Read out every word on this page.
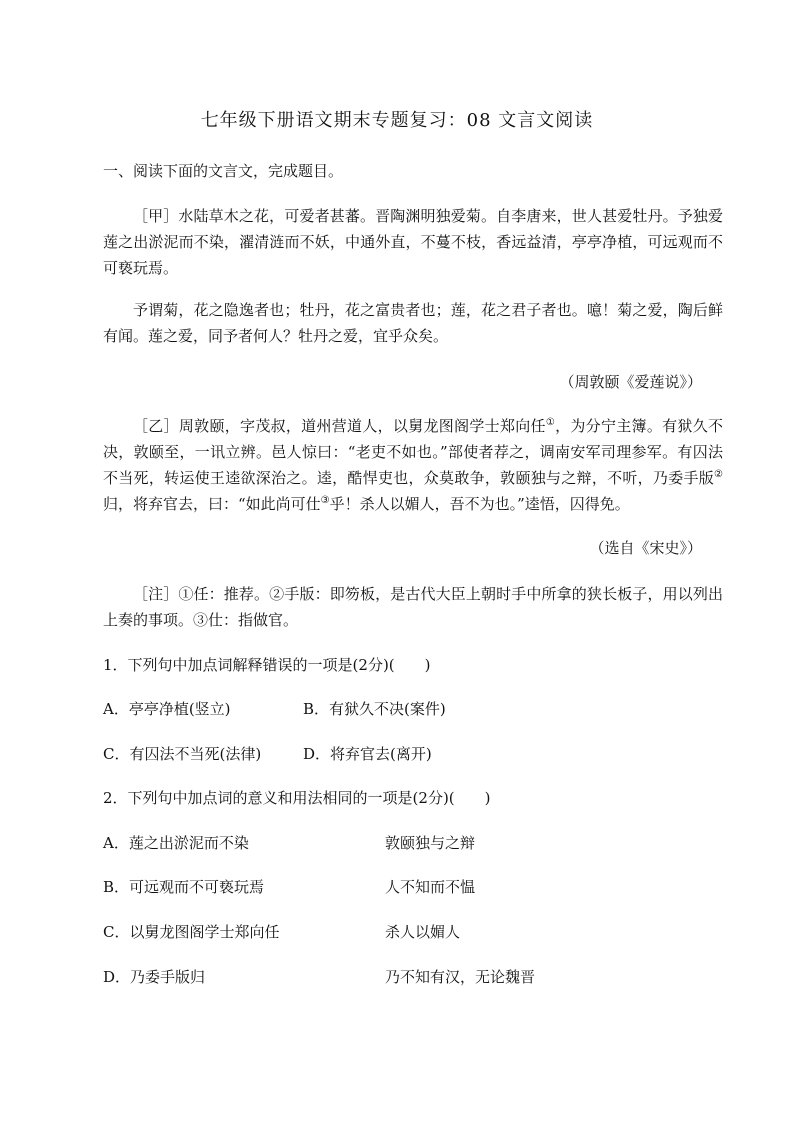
七年级下册语文期末专题复习：08 文言文阅读
一、阅读下面的文言文，完成题目。
［甲］水陆草木之花，可爱者甚蕃。晋陶渊明独爱菊。自李唐来，世人甚爱牡丹。予独爱莲之出淤泥而不染，濯清涟而不妖，中通外直，不蔓不枝，香远益清，亭亭净植，可远观而不可亵玩焉。
予谓菊，花之隐逸者也；牡丹，花之富贵者也；莲，花之君子者也。噫！菊之爱，陶后鲜有闻。莲之爱，同予者何人？牡丹之爱，宜乎众矣。
（周敦颐《爱莲说》）
［乙］周敦颐，字茂叔，道州营道人，以舅龙图阁学士郑向任①，为分宁主簿。有狱久不决，敦颐至，一讯立辨。邑人惊曰：“老吏不如也。”部使者荐之，调南安军司理参军。有囚法不当死，转运使王逵欲深治之。逵，酷悍吏也，众莫敢争，敦颐独与之辩，不听，乃委手版②归，将弃官去，曰：“如此尚可仕③乎！杀人以媚人，吾不为也。”逵悟，囚得免。
（选自《宋史》）
［注］①任：推荐。②手版：即笏板，是古代大臣上朝时手中所拿的狭长板子，用以列出上奏的事项。③仕：指做官。
1．下列句中加点词解释错误的一项是(2分)(　　)
A．亭亭净植(竖立)	B．有狱久不决(案件)
C．有囚法不当死(法律)	D．将弃官去(离开)
2．下列句中加点词的意义和用法相同的一项是(2分)(　　)
A．莲之出淤泥而不染	敦颐独与之辩
B．可远观而不可亵玩焉	人不知而不愠
C．以舅龙图阁学士郑向任	杀人以媚人
D．乃委手版归	乃不知有汉，无论魏晋
